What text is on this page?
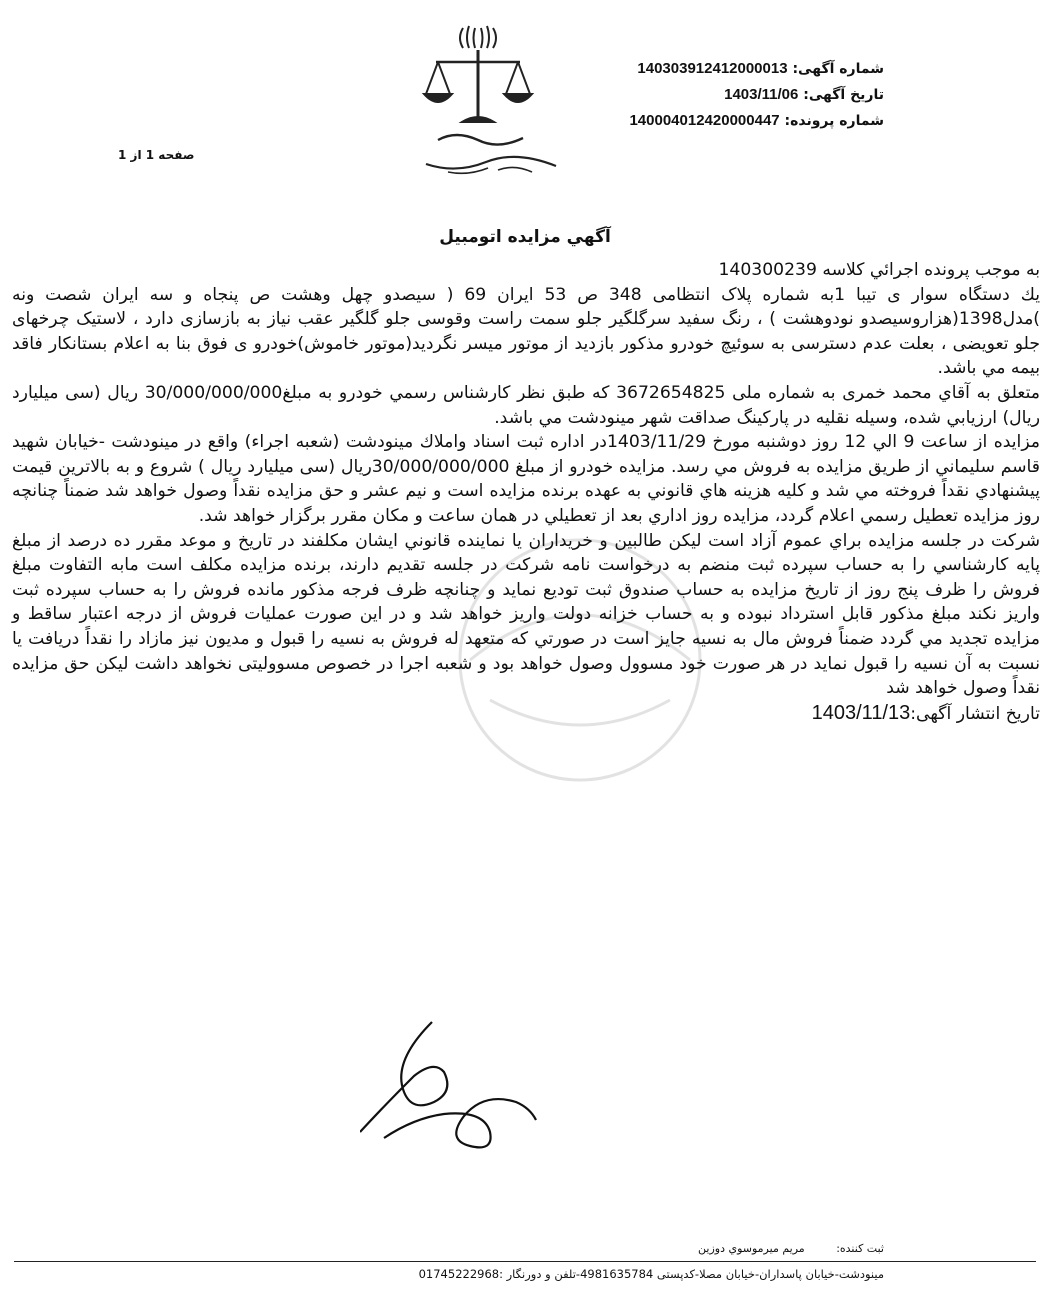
شماره آگهی: 140303912412000013
تاریخ آگهی: 1403/11/06
شماره پرونده: 140004012420000447
صفحه 1 از 1
آگهي مزايده اتومبيل

به موجب پرونده اجرائي كلاسه 140300239

يك دستگاه سوار ی تیبا 1به شماره پلاک انتظامی 348 ص 53 ایران 69 ( سیصدو چهل وهشت ص پنجاه و سه ایران شصت ونه )مدل1398(هزاروسیصدو نودوهشت ) ، رنگ سفيد سرگلگير جلو سمت راست وقوسی جلو گلگير عقب نياز به بازسازی دارد ، لاستيک چرخهای جلو تعويضی ، بعلت عدم دسترسی به سوئيچ خودرو مذكور بازديد از موتور ميسر نگرديد(موتور خاموش)خودرو ی فوق بنا به اعلام بستانكار فاقد بيمه مي باشد.

متعلق به آقاي محمد خمری به شماره ملی 3672654825 كه طبق نظر كارشناس رسمي خودرو به مبلغ30/000/000/000 ريال (سی ميليارد ريال) ارزيابي شده، وسيله نقليه در پاركينگ صداقت شهر مينودشت مي باشد.

مزايده از ساعت 9 الي 12 روز دوشنبه مورخ 1403/11/29در اداره ثبت اسناد واملاك مينودشت (شعبه اجراء) واقع در مينودشت -خيابان شهيد قاسم سليماني از طريق مزايده به فروش مي رسد. مزايده خودرو از مبلغ 30/000/000/000ريال (سی ميليارد ريال ) شروع و به بالاترين قيمت پيشنهادي نقداً فروخته مي شد و كليه هزينه هاي قانوني به عهده برنده مزايده است و نيم عشر و حق مزايده نقداً وصول خواهد شد ضمناً چنانچه روز مزايده تعطيل رسمي اعلام گردد، مزايده روز اداري بعد از تعطيلي در همان ساعت و مكان مقرر برگزار خواهد شد.

شركت در جلسه مزايده براي عموم آزاد است ليكن طالبين و خريداران يا نماينده قانوني ايشان مكلفند در تاريخ و موعد مقرر ده درصد از مبلغ پايه كارشناسي را به حساب سپرده ثبت منضم به درخواست نامه شركت در جلسه تقديم دارند، برنده مزايده مكلف است مابه التفاوت مبلغ فروش را ظرف پنج روز از تاريخ مزايده به حساب صندوق ثبت توديع نمايد و چنانچه ظرف فرجه مذكور مانده فروش را به حساب سپرده ثبت واريز نكند مبلغ مذكور قابل استرداد نبوده و به حساب خزانه دولت واريز خواهد شد و در اين صورت عمليات فروش از درجه اعتبار ساقط و مزايده تجديد مي گردد ضمناً فروش مال به نسيه جايز است در صورتي كه متعهد له فروش به نسيه را قبول و مديون نيز مازاد را نقداً دريافت يا نسبت به آن نسيه را قبول نمايد در هر صورت خود مسوول وصول خواهد بود و شعبه اجرا در خصوص مسووليتی نخواهد داشت ليكن حق مزايده نقداً وصول خواهد شد

تاريخ انتشار آگهی:1403/11/13

ثبت كننده: مريم ميرموسوي دوزين
مینودشت-خیابان پاسداران-خیابان مصلا-کدپستی 4981635784-تلفن و دورنگار :01745222968
